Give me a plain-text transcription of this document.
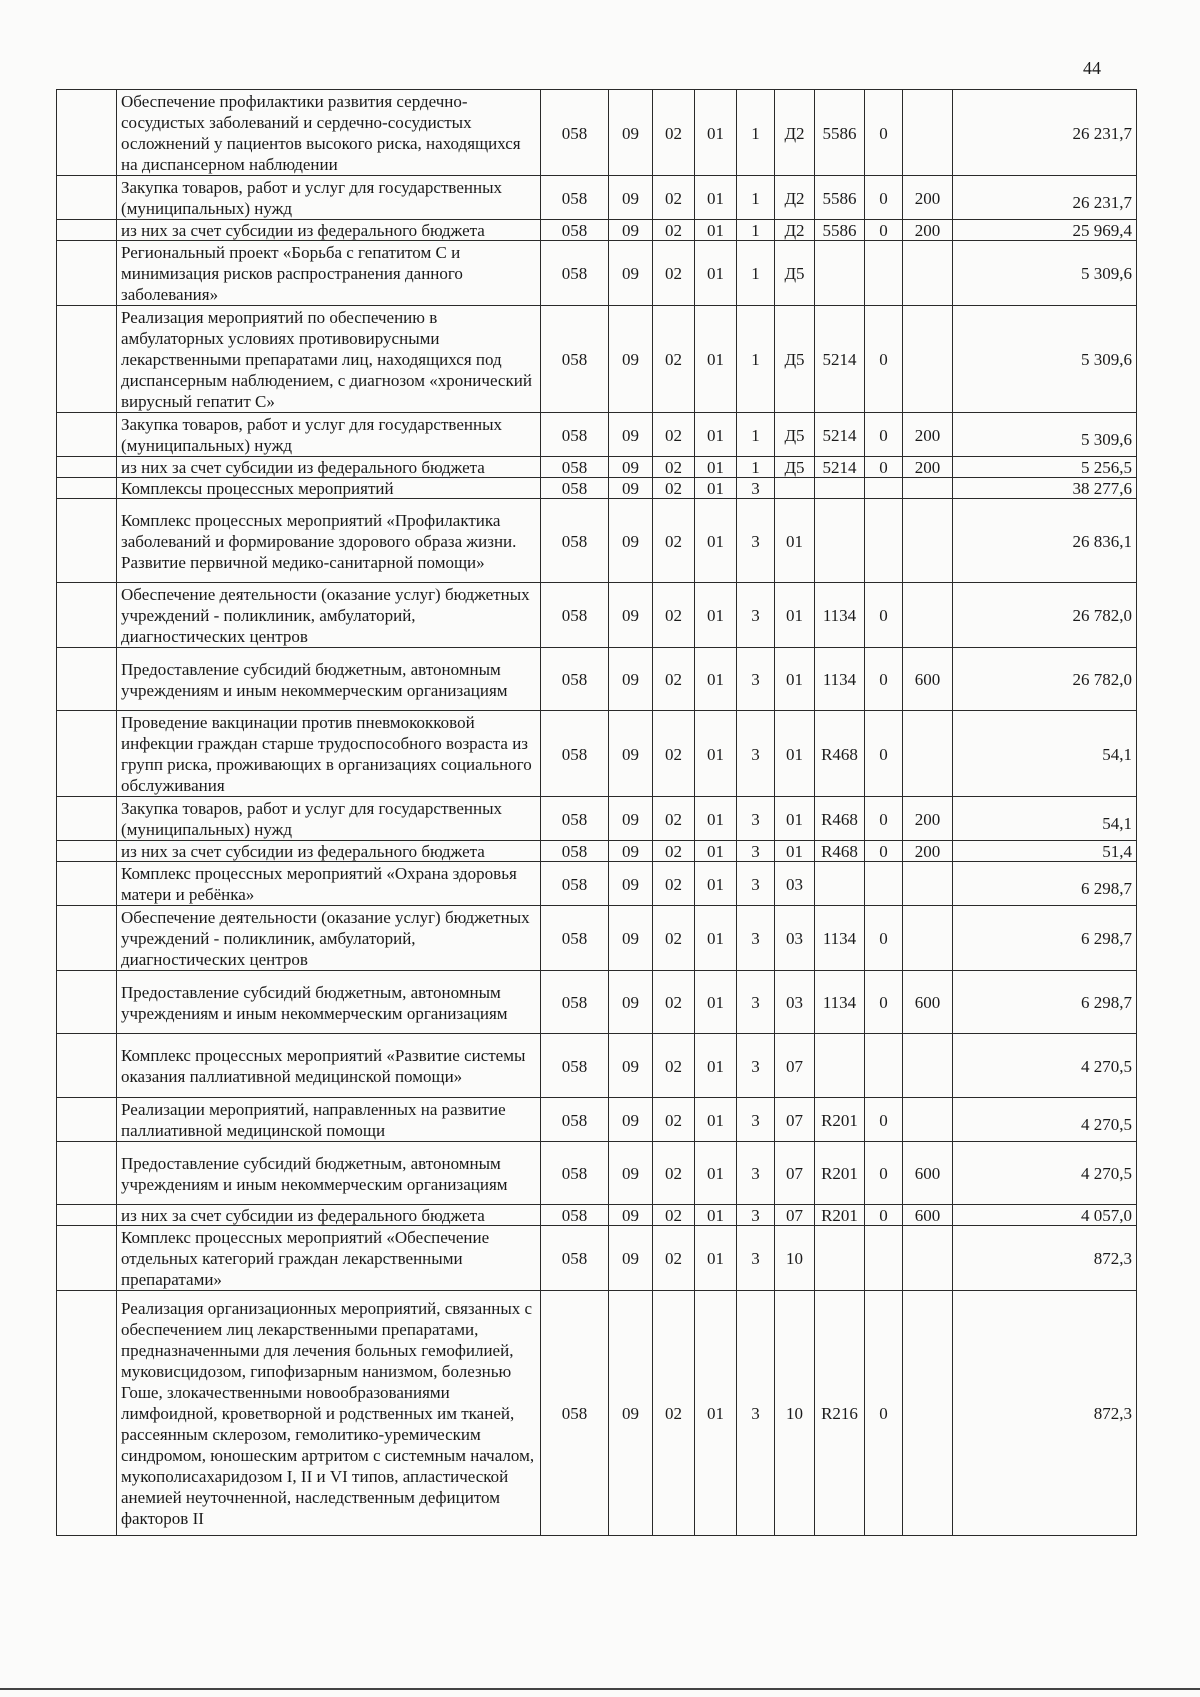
44
	Обеспечение профилактики развития сердечно-сосудистых заболеваний и сердечно-сосудистых осложнений у пациентов высокого риска, находящихся на диспансерном наблюдении	058	09	02	01	1	Д2	5586	0		26 231,7
	Закупка товаров, работ и услуг для государственных (муниципальных) нужд	058	09	02	01	1	Д2	5586	0	200	26 231,7
	из них за счет субсидии из федерального бюджета	058	09	02	01	1	Д2	5586	0	200	25 969,4
	Региональный проект «Борьба с гепатитом С и минимизация рисков распространения данного заболевания»	058	09	02	01	1	Д5				5 309,6
	Реализация мероприятий по обеспечению в амбулаторных условиях противовирусными лекарственными препаратами лиц, находящихся под диспансерным наблюдением, с диагнозом «хронический вирусный гепатит С»	058	09	02	01	1	Д5	5214	0		5 309,6
	Закупка товаров, работ и услуг для государственных (муниципальных) нужд	058	09	02	01	1	Д5	5214	0	200	5 309,6
	из них за счет субсидии из федерального бюджета	058	09	02	01	1	Д5	5214	0	200	5 256,5
	Комплексы процессных мероприятий	058	09	02	01	3					38 277,6
	Комплекс процессных мероприятий «Профилактика заболеваний и формирование здорового образа жизни. Развитие первичной медико-санитарной помощи»	058	09	02	01	3	01				26 836,1
	Обеспечение деятельности (оказание услуг) бюджетных учреждений - поликлиник, амбулаторий, диагностических центров	058	09	02	01	3	01	1134	0		26 782,0
	Предоставление субсидий бюджетным, автономным учреждениям и иным некоммерческим организациям	058	09	02	01	3	01	1134	0	600	26 782,0
	Проведение вакцинации против пневмококковой инфекции граждан старше трудоспособного возраста из групп риска, проживающих в организациях социального обслуживания	058	09	02	01	3	01	R468	0		54,1
	Закупка товаров, работ и услуг для государственных (муниципальных) нужд	058	09	02	01	3	01	R468	0	200	54,1
	из них за счет субсидии из федерального бюджета	058	09	02	01	3	01	R468	0	200	51,4
	Комплекс процессных мероприятий «Охрана здоровья матери и ребёнка»	058	09	02	01	3	03				6 298,7
	Обеспечение деятельности (оказание услуг) бюджетных учреждений - поликлиник, амбулаторий, диагностических центров	058	09	02	01	3	03	1134	0		6 298,7
	Предоставление субсидий бюджетным, автономным учреждениям и иным некоммерческим организациям	058	09	02	01	3	03	1134	0	600	6 298,7
	Комплекс процессных мероприятий «Развитие системы оказания паллиативной медицинской помощи»	058	09	02	01	3	07				4 270,5
	Реализации мероприятий, направленных на развитие паллиативной медицинской помощи	058	09	02	01	3	07	R201	0		4 270,5
	Предоставление субсидий бюджетным, автономным учреждениям и иным некоммерческим организациям	058	09	02	01	3	07	R201	0	600	4 270,5
	из них за счет субсидии из федерального бюджета	058	09	02	01	3	07	R201	0	600	4 057,0
	Комплекс процессных мероприятий «Обеспечение отдельных категорий граждан лекарственными препаратами»	058	09	02	01	3	10				872,3
	Реализация организационных мероприятий, связанных с обеспечением лиц лекарственными препаратами, предназначенными для лечения больных гемофилией, муковисцидозом, гипофизарным нанизмом, болезнью Гоше, злокачественными новообразованиями лимфоидной, кроветворной и родственных им тканей, рассеянным склерозом, гемолитико-уремическим синдромом, юношеским артритом с системным началом, мукополисахаридозом I, II и VI типов, апластической анемией неуточненной, наследственным дефицитом факторов II	058	09	02	01	3	10	R216	0		872,3
